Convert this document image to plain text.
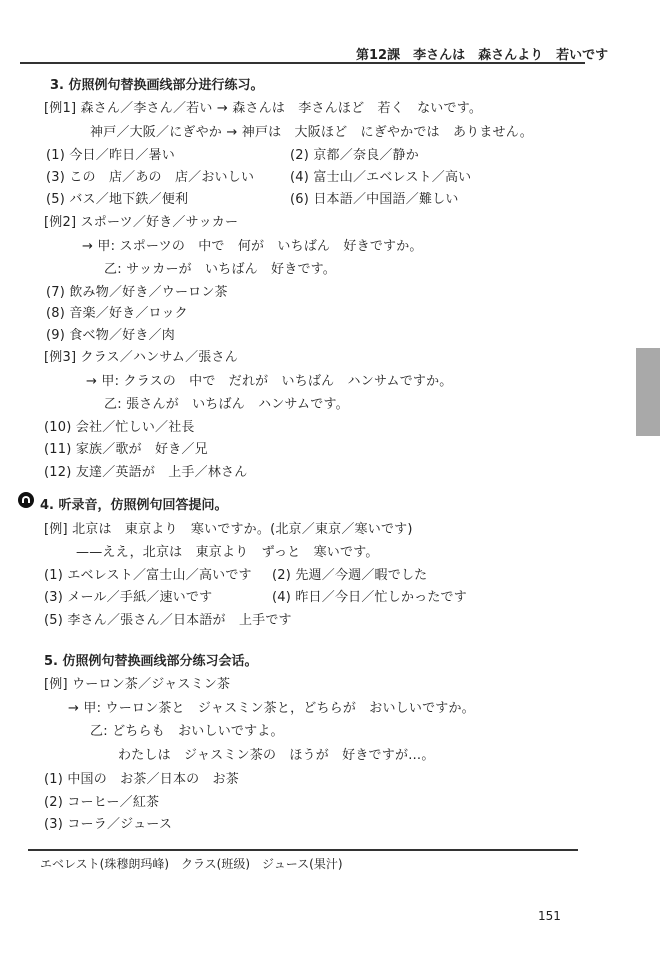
第12課　李さんは　森さんより　若いです
3. 仿照例句替换画线部分进行练习。
[例1] 森さん／李さん／若い → 森さんは　李さんほど　若く　ないです。
神戸／大阪／にぎやか → 神戸は　大阪ほど　にぎやかでは　ありません。
(1) 今日／昨日／暑い	(2) 京都／奈良／静か
(3) この　店／あの　店／おいしい	(4) 富士山／エベレスト／高い
(5) バス／地下鉄／便利	(6) 日本語／中国語／難しい
[例2] スポーツ／好き／サッカー
→ 甲: スポーツの　中で　何が　いちばん　好きですか。
乙: サッカーが　いちばん　好きです。
(7) 飲み物／好き／ウーロン茶
(8) 音楽／好き／ロック
(9) 食べ物／好き／肉
[例3] クラス／ハンサム／張さん
→ 甲: クラスの　中で　だれが　いちばん　ハンサムですか。
乙: 張さんが　いちばん　ハンサムです。
(10) 会社／忙しい／社長
(11) 家族／歌が　好き／兄
(12) 友達／英語が　上手／林さん
4. 听录音，仿照例句回答提问。
[例] 北京は　東京より　寒いですか。(北京／東京／寒いです)
——ええ，北京は　東京より　ずっと　寒いです。
(1) エベレスト／富士山／高いです (2) 先週／今週／暇でした
(3) メール／手紙／速いです	(4) 昨日／今日／忙しかったです
(5) 李さん／張さん／日本語が　上手です
5. 仿照例句替换画线部分练习会话。
[例] ウーロン茶／ジャスミン茶
→ 甲: ウーロン茶と　ジャスミン茶と，どちらが　おいしいですか。
乙: どちらも　おいしいですよ。
わたしは　ジャスミン茶の　ほうが　好きですが…。
(1) 中国の　お茶／日本の　お茶
(2) コーヒー／紅茶
(3) コーラ／ジュース
エベレスト(珠穆朗玛峰)　クラス(班级)　ジュース(果汁)
151
